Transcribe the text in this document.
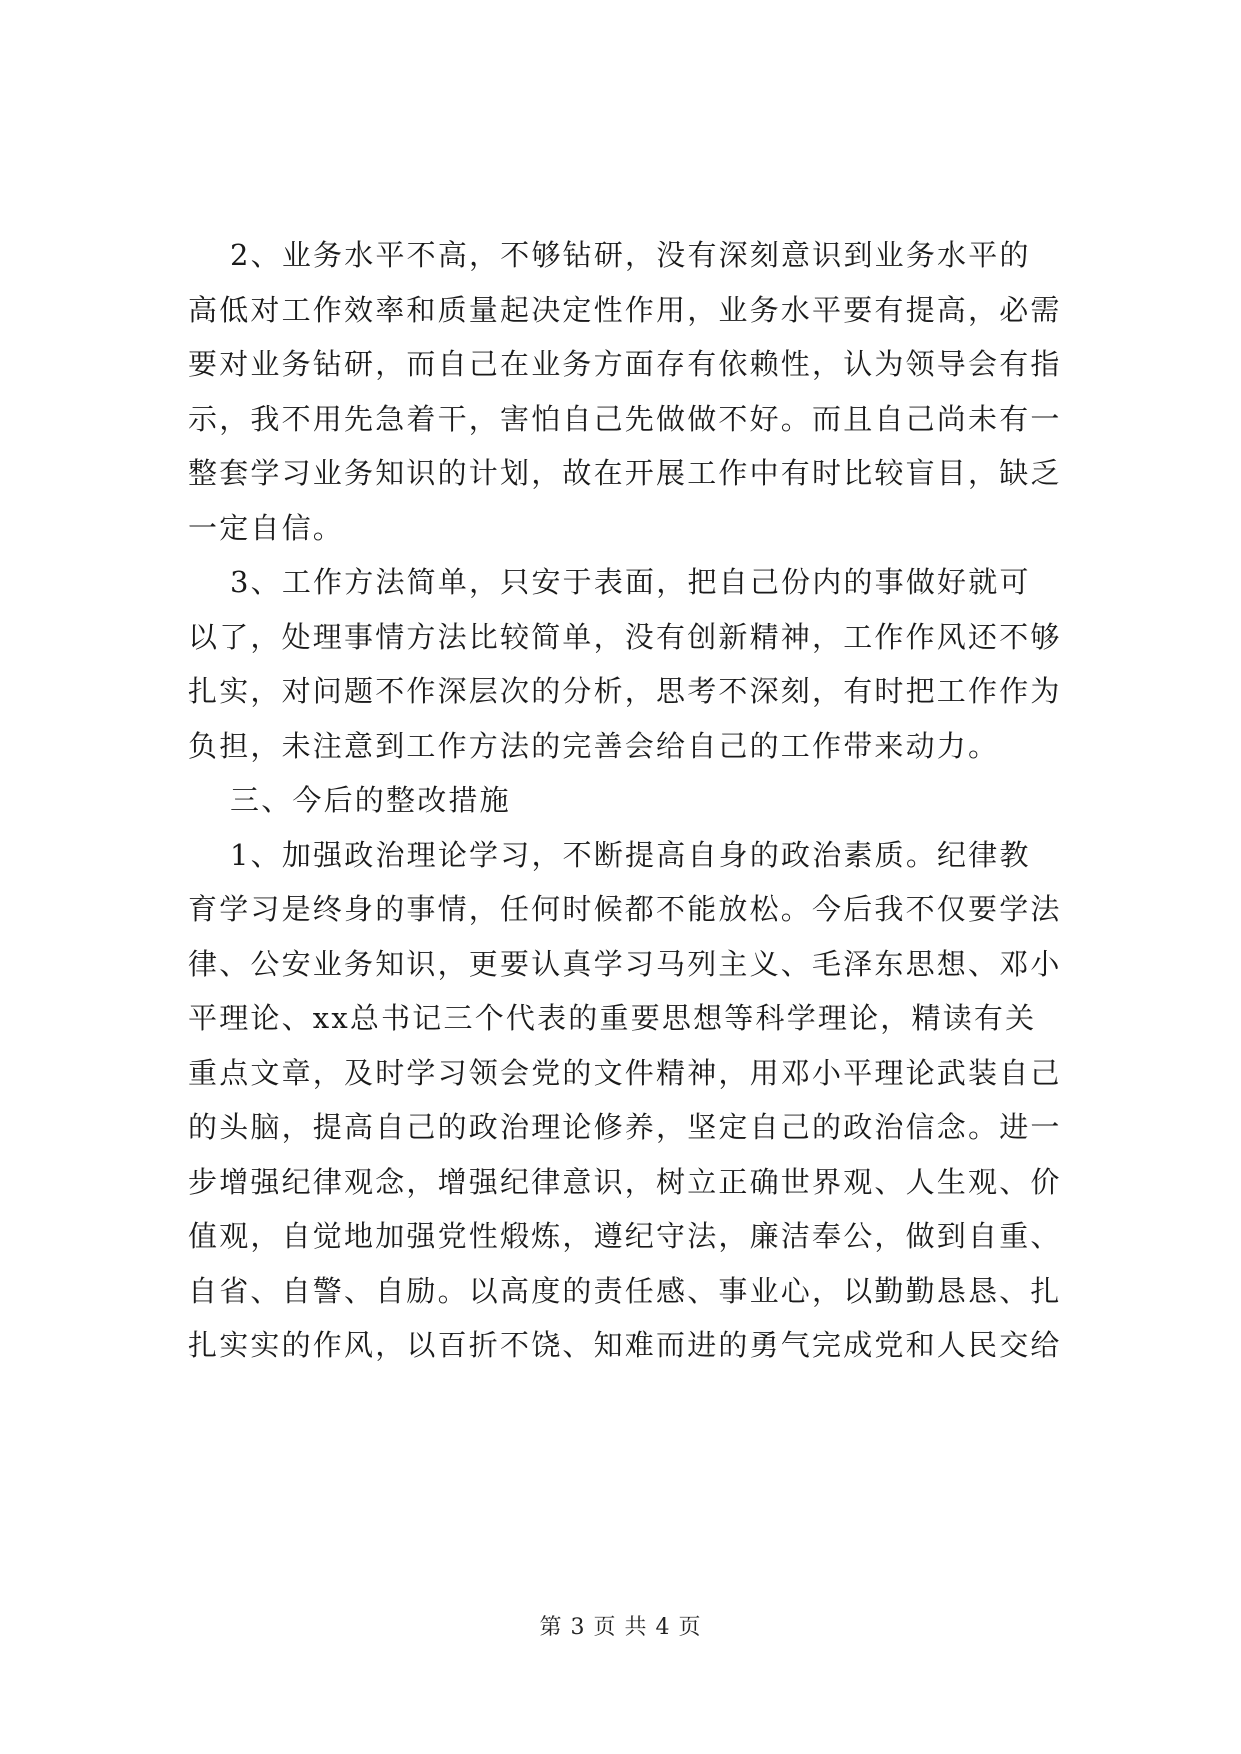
2、业务水平不高，不够钻研，没有深刻意识到业务水平的
高低对工作效率和质量起决定性作用，业务水平要有提高，必需
要对业务钻研，而自己在业务方面存有依赖性，认为领导会有指
示，我不用先急着干，害怕自己先做做不好。而且自己尚未有一
整套学习业务知识的计划，故在开展工作中有时比较盲目，缺乏
一定自信。
3、工作方法简单，只安于表面，把自己份内的事做好就可
以了，处理事情方法比较简单，没有创新精神，工作作风还不够
扎实，对问题不作深层次的分析，思考不深刻，有时把工作作为
负担，未注意到工作方法的完善会给自己的工作带来动力。
三、今后的整改措施
1、加强政治理论学习，不断提高自身的政治素质。纪律教
育学习是终身的事情，任何时候都不能放松。今后我不仅要学法
律、公安业务知识，更要认真学习马列主义、毛泽东思想、邓小
平理论、xx总书记三个代表的重要思想等科学理论，精读有关
重点文章，及时学习领会党的文件精神，用邓小平理论武装自己
的头脑，提高自己的政治理论修养，坚定自己的政治信念。进一
步增强纪律观念，增强纪律意识，树立正确世界观、人生观、价
值观，自觉地加强党性煅炼，遵纪守法，廉洁奉公，做到自重、
自省、自警、自励。以高度的责任感、事业心，以勤勤恳恳、扎
扎实实的作风，以百折不饶、知难而进的勇气完成党和人民交给
第 3 页 共 4 页
